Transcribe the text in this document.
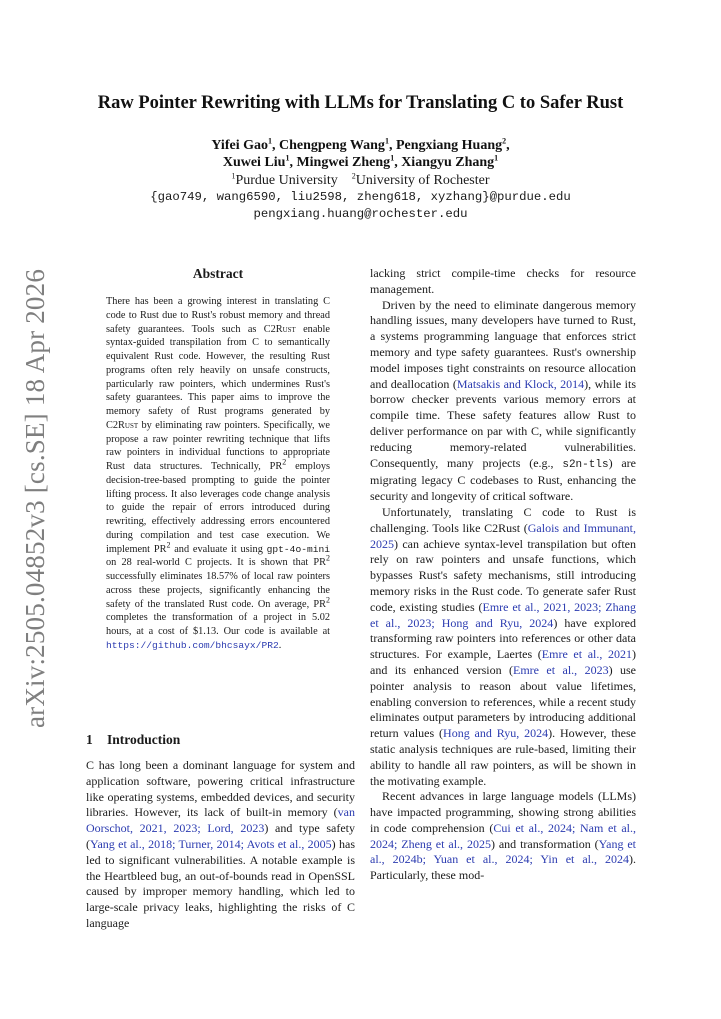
arXiv:2505.04852v3 [cs.SE] 18 Apr 2026
Raw Pointer Rewriting with LLMs for Translating C to Safer Rust
Yifei Gao$^1$, Chengpeng Wang$^1$, Pengxiang Huang$^2$,
Xuwei Liu$^1$, Mingwei Zheng$^1$, Xiangyu Zhang$^1$
$^1$Purdue University $^2$University of Rochester
{gao749, wang6590, liu2598, zheng618, xyzhang}@purdue.edu
pengxiang.huang@rochester.edu
Abstract

There has been a growing interest in translating C code to Rust due to Rust's robust memory and thread safety guarantees. Tools such as C2Rust enable syntax-guided transpilation from C to semantically equivalent Rust code. However, the resulting Rust programs often rely heavily on unsafe constructs, particularly raw pointers, which undermines Rust's safety guarantees. This paper aims to improve the memory safety of Rust programs generated by C2Rust by eliminating raw pointers. Specifically, we propose a raw pointer rewriting technique that lifts raw pointers in individual functions to appropriate Rust data structures. Technically, $PR^2$ employs decision-tree-based prompting to guide the pointer lifting process. It also leverages code change analysis to guide the repair of errors introduced during rewriting, effectively addressing errors encountered during compilation and test case execution. We implement $PR^2$ and evaluate it using gpt-4o-mini on 28 real-world C projects. It is shown that $PR^2$ successfully eliminates 18.57% of local raw pointers across these projects, significantly enhancing the safety of the translated Rust code. On average, $PR^2$ completes the transformation of a project in 5.02 hours, at a cost of $1.13. Our code is available at https://github.com/bhcsayx/PR2.

1 Introduction

C has long been a dominant language for system and application software, powering critical infrastructure like operating systems, embedded devices, and security libraries. However, its lack of built-in memory (van Oorschot, 2021, 2023; Lord, 2023) and type safety (Yang et al., 2018; Turner, 2014; Avots et al., 2005) has led to significant vulnerabilities. A notable example is the Heartbleed bug, an out-of-bounds read in OpenSSL caused by improper memory handling, which led to large-scale privacy leaks, highlighting the risks of C language

lacking strict compile-time checks for resource management.

Driven by the need to eliminate dangerous memory handling issues, many developers have turned to Rust, a systems programming language that enforces strict memory and type safety guarantees. Rust's ownership model imposes tight constraints on resource allocation and deallocation (Matsakis and Klock, 2014), while its borrow checker prevents various memory errors at compile time. These safety features allow Rust to deliver performance on par with C, while significantly reducing memory-related vulnerabilities. Consequently, many projects (e.g., s2n-tls) are migrating legacy C codebases to Rust, enhancing the security and longevity of critical software.

Unfortunately, translating C code to Rust is challenging. Tools like C2Rust (Galois and Immunant, 2025) can achieve syntax-level transpilation but often rely on raw pointers and unsafe functions, which bypasses Rust's safety mechanisms, still introducing memory risks in the Rust code. To generate safer Rust code, existing studies (Emre et al., 2021, 2023; Zhang et al., 2023; Hong and Ryu, 2024) have explored transforming raw pointers into references or other data structures. For example, Laertes (Emre et al., 2021) and its enhanced version (Emre et al., 2023) use pointer analysis to reason about value lifetimes, enabling conversion to references, while a recent study eliminates output parameters by introducing additional return values (Hong and Ryu, 2024). However, these static analysis techniques are rule-based, limiting their ability to handle all raw pointers, as will be shown in the motivating example.

Recent advances in large language models (LLMs) have impacted programming, showing strong abilities in code comprehension (Cui et al., 2024; Nam et al., 2024; Zheng et al., 2025) and transformation (Yang et al., 2024b; Yuan et al., 2024; Yin et al., 2024). Particularly, these mod-
